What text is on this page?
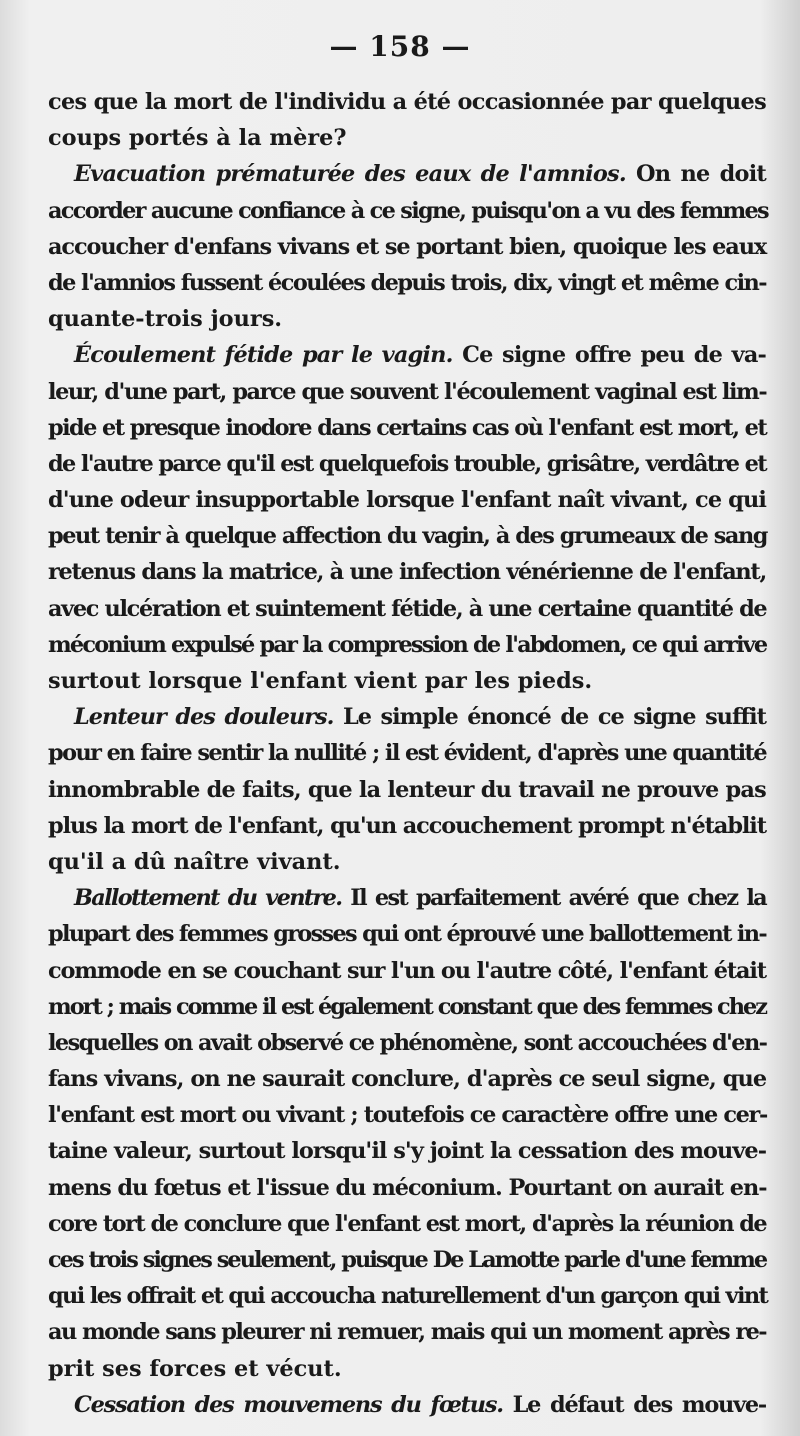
— 158 —
ces que la mort de l'individu a été occasionnée par quelques
coups portés à la mère?
Evacuation prématurée des eaux de l'amnios. On ne doit
accorder aucune confiance à ce signe, puisqu'on a vu des femmes
accoucher d'enfans vivans et se portant bien, quoique les eaux
de l'amnios fussent écoulées depuis trois, dix, vingt et même cin-
quante-trois jours.
Écoulement fétide par le vagin. Ce signe offre peu de va-
leur, d'une part, parce que souvent l'écoulement vaginal est lim-
pide et presque inodore dans certains cas où l'enfant est mort, et
de l'autre parce qu'il est quelquefois trouble, grisâtre, verdâtre et
d'une odeur insupportable lorsque l'enfant naît vivant, ce qui
peut tenir à quelque affection du vagin, à des grumeaux de sang
retenus dans la matrice, à une infection vénérienne de l'enfant,
avec ulcération et suintement fétide, à une certaine quantité de
méconium expulsé par la compression de l'abdomen, ce qui arrive
surtout lorsque l'enfant vient par les pieds.
Lenteur des douleurs. Le simple énoncé de ce signe suffit
pour en faire sentir la nullité ; il est évident, d'après une quantité
innombrable de faits, que la lenteur du travail ne prouve pas
plus la mort de l'enfant, qu'un accouchement prompt n'établit
qu'il a dû naître vivant.
Ballottement du ventre. Il est parfaitement avéré que chez la
plupart des femmes grosses qui ont éprouvé une ballottement in-
commode en se couchant sur l'un ou l'autre côté, l'enfant était
mort ; mais comme il est également constant que des femmes chez
lesquelles on avait observé ce phénomène, sont accouchées d'en-
fans vivans, on ne saurait conclure, d'après ce seul signe, que
l'enfant est mort ou vivant ; toutefois ce caractère offre une cer-
taine valeur, surtout lorsqu'il s'y joint la cessation des mouve-
mens du fœtus et l'issue du méconium. Pourtant on aurait en-
core tort de conclure que l'enfant est mort, d'après la réunion de
ces trois signes seulement, puisque De Lamotte parle d'une femme
qui les offrait et qui accoucha naturellement d'un garçon qui vint
au monde sans pleurer ni remuer, mais qui un moment après re-
prit ses forces et vécut.
Cessation des mouvemens du fœtus. Le défaut des mouve-
